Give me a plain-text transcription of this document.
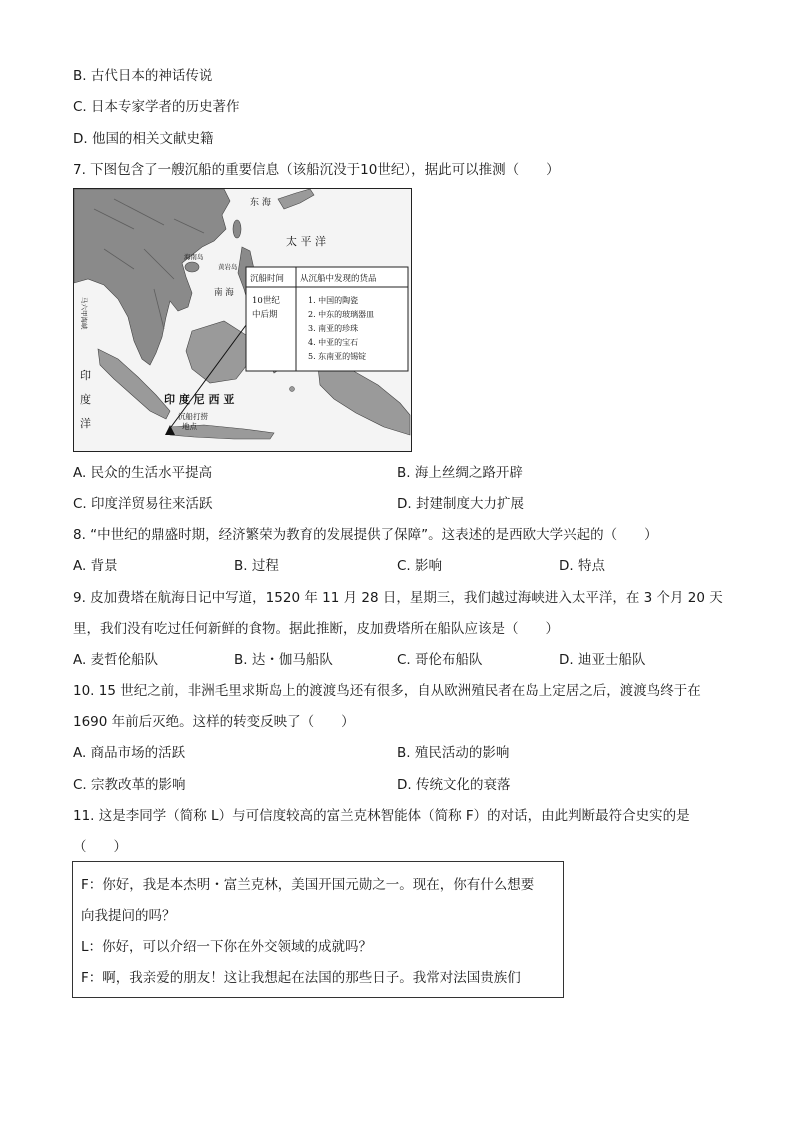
B. 古代日本的神话传说
C. 日本专家学者的历史著作
D. 他国的相关文献史籍
7. 下图包含了一艘沉船的重要信息（该船沉没于10世纪），据此可以推测（　　）
东 海
太 平 洋
海南岛
南 海
黄岩岛
马六甲海峡
印度洋
印 度 尼 西 亚
沉船打捞地点
沉船时间 从沉船中发现的货品
10世纪中后期
1. 中国的陶瓷
2. 中东的玻璃器皿
3. 南亚的珍珠
4. 中亚的宝石
5. 东南亚的锡锭
A. 民众的生活水平提高	B. 海上丝绸之路开辟
C. 印度洋贸易往来活跃	D. 封建制度大力扩展
8. “中世纪的鼎盛时期，经济繁荣为教育的发展提供了保障”。这表述的是西欧大学兴起的（　　）
A. 背景	B. 过程	C. 影响	D. 特点
9. 皮加费塔在航海日记中写道，1520 年 11 月 28 日，星期三，我们越过海峡进入太平洋，在 3 个月 20 天
里，我们没有吃过任何新鲜的食物。据此推断，皮加费塔所在船队应该是（　　）
A. 麦哲伦船队	B. 达・伽马船队	C. 哥伦布船队	D. 迪亚士船队
10. 15 世纪之前，非洲毛里求斯岛上的渡渡鸟还有很多，自从欧洲殖民者在岛上定居之后，渡渡鸟终于在
1690 年前后灭绝。这样的转变反映了（　　）
A. 商品市场的活跃	B. 殖民活动的影响
C. 宗教改革的影响	D. 传统文化的衰落
11. 这是李同学（简称 L）与可信度较高的富兰克林智能体（简称 F）的对话，由此判断最符合史实的是
（　　）
F：你好，我是本杰明・富兰克林，美国开国元勋之一。现在，你有什么想要
向我提问的吗？
L：你好，可以介绍一下你在外交领域的成就吗？
F：啊，我亲爱的朋友！这让我想起在法国的那些日子。我常对法国贵族们
